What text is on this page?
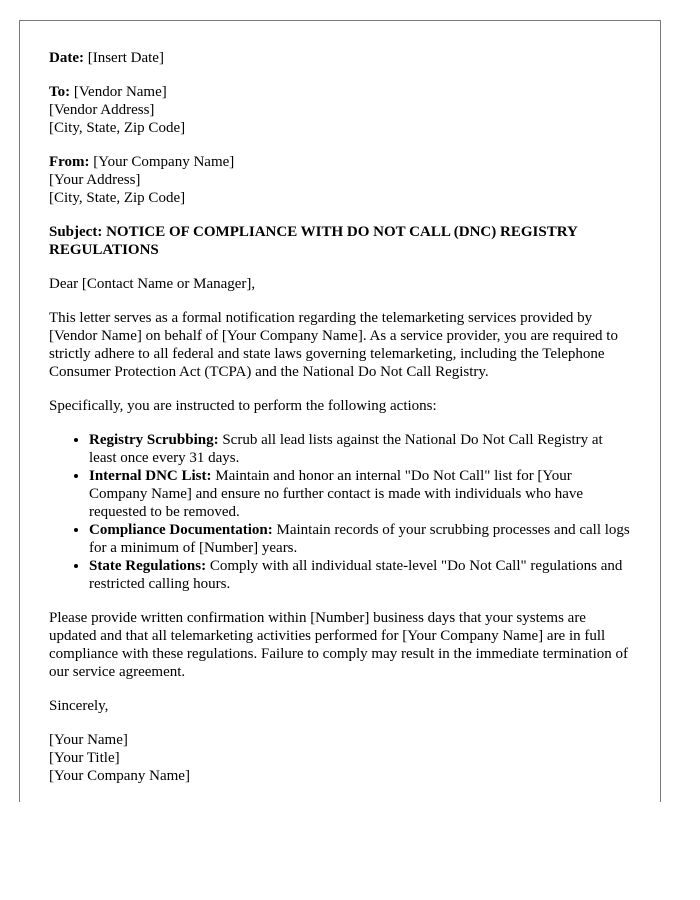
Date: [Insert Date]

To: [Vendor Name]
[Vendor Address]
[City, State, Zip Code]

From: [Your Company Name]
[Your Address]
[City, State, Zip Code]

Subject: NOTICE OF COMPLIANCE WITH DO NOT CALL (DNC) REGISTRY REGULATIONS

Dear [Contact Name or Manager],

This letter serves as a formal notification regarding the telemarketing services provided by [Vendor Name] on behalf of [Your Company Name]. As a service provider, you are required to strictly adhere to all federal and state laws governing telemarketing, including the Telephone Consumer Protection Act (TCPA) and the National Do Not Call Registry.

Specifically, you are instructed to perform the following actions:

• Registry Scrubbing: Scrub all lead lists against the National Do Not Call Registry at least once every 31 days.
• Internal DNC List: Maintain and honor an internal "Do Not Call" list for [Your Company Name] and ensure no further contact is made with individuals who have requested to be removed.
• Compliance Documentation: Maintain records of your scrubbing processes and call logs for a minimum of [Number] years.
• State Regulations: Comply with all individual state-level "Do Not Call" regulations and restricted calling hours.

Please provide written confirmation within [Number] business days that your systems are updated and that all telemarketing activities performed for [Your Company Name] are in full compliance with these regulations. Failure to comply may result in the immediate termination of our service agreement.

Sincerely,

[Your Name]

[Your Title]

[Your Company Name]
